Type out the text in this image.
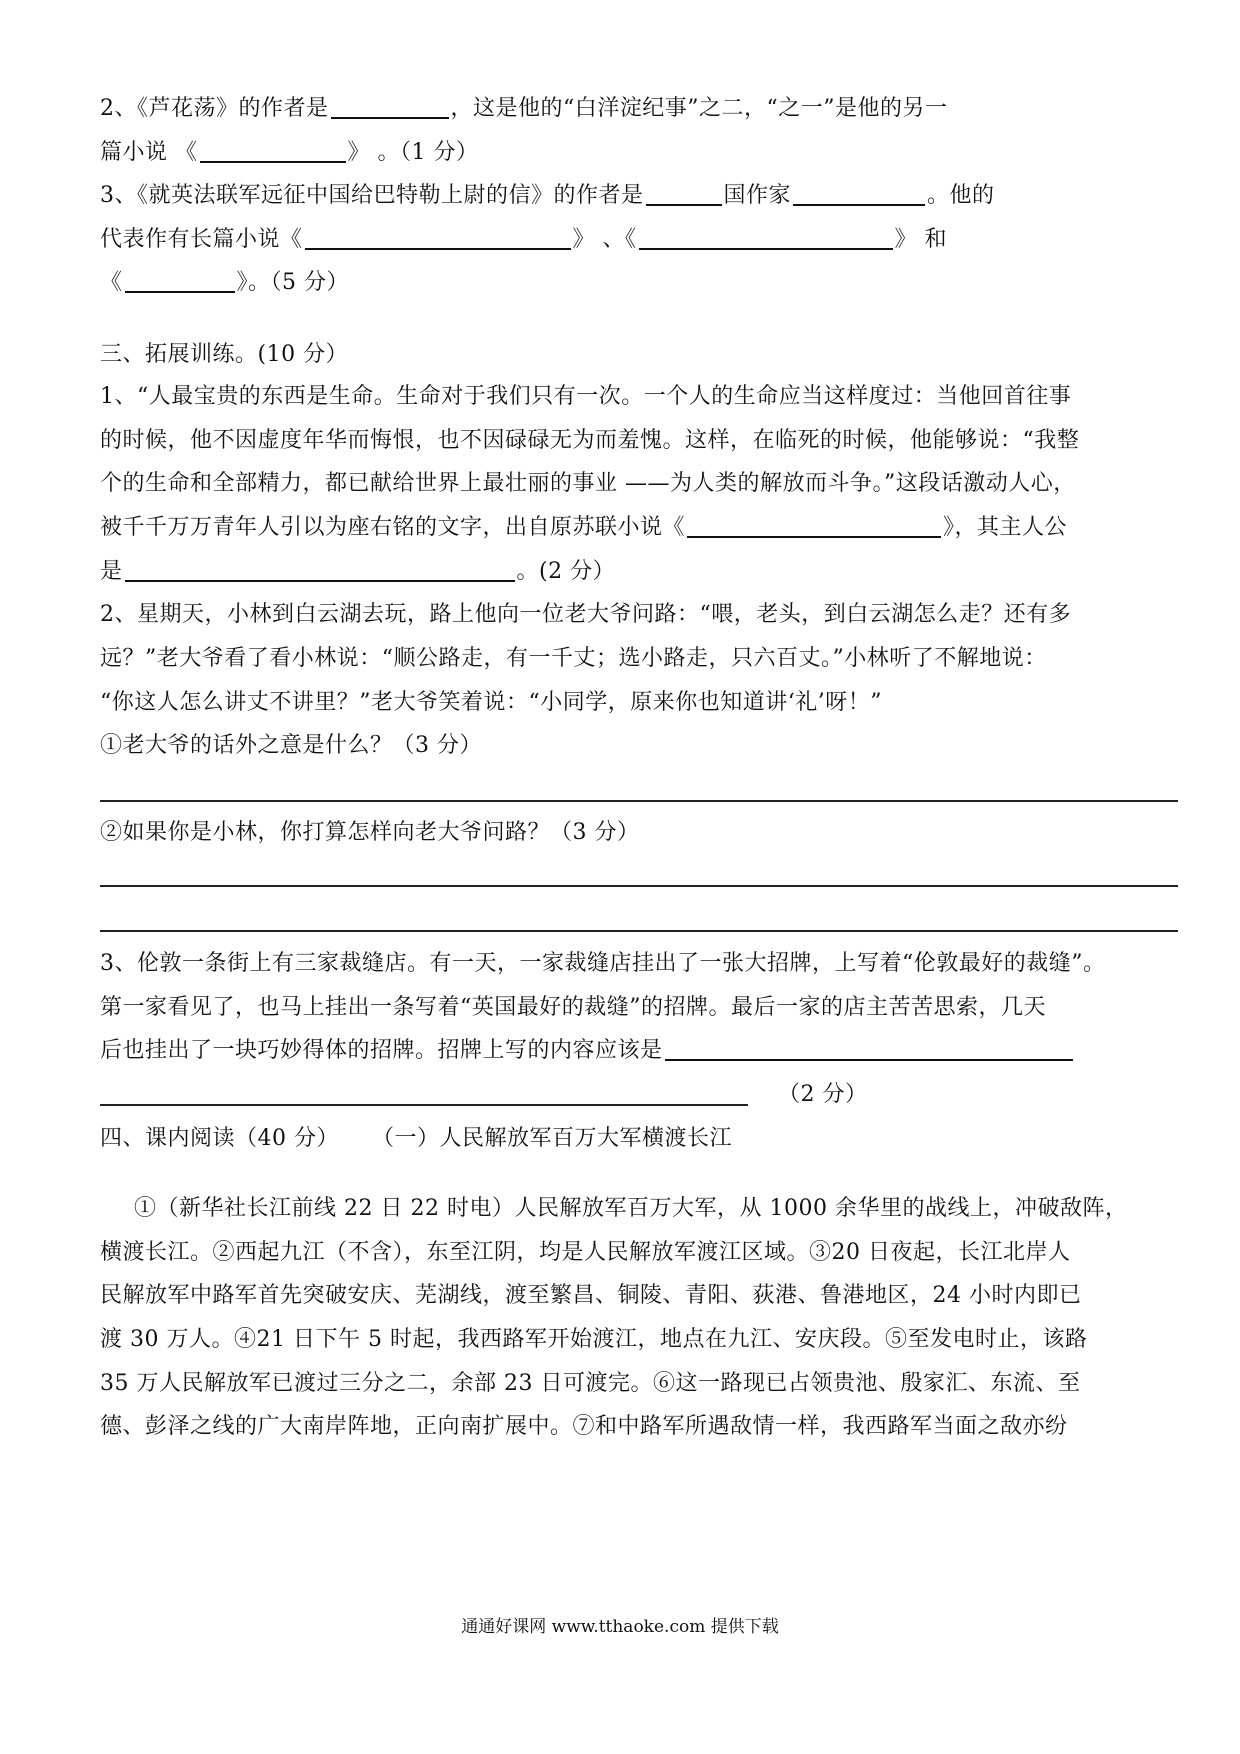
2、《芦花荡》的作者是	，这是他的“白洋淀纪事”之二，“之一”是他的另一
篇小说 《	》 。（1 分）
3、《就英法联军远征中国给巴特勒上尉的信》的作者是	国作家	。他的
代表作有长篇小说《	》 、《	》 和
《	》。（5 分）
三、拓展训练。(10 分）
1、“人最宝贵的东西是生命。生命对于我们只有一次。一个人的生命应当这样度过：当他回首往事
的时候，他不因虚度年华而悔恨，也不因碌碌无为而羞愧。这样，在临死的时候，他能够说：“我整
个的生命和全部精力，都已献给世界上最壮丽的事业 ——为人类的解放而斗争。”这段话激动人心，
被千千万万青年人引以为座右铭的文字，出自原苏联小说《	》，其主人公
是	。(2 分）
2、星期天，小林到白云湖去玩，路上他向一位老大爷问路：“喂，老头，到白云湖怎么走？还有多
远？”老大爷看了看小林说：“顺公路走，有一千丈；选小路走，只六百丈。”小林听了不解地说：
“你这人怎么讲丈不讲里？”老大爷笑着说：“小同学，原来你也知道讲‘礼’呀！”
①老大爷的话外之意是什么？（3 分）
②如果你是小林，你打算怎样向老大爷问路？（3 分）
3、伦敦一条街上有三家裁缝店。有一天，一家裁缝店挂出了一张大招牌，上写着“伦敦最好的裁缝”。
第一家看见了，也马上挂出一条写着“英国最好的裁缝”的招牌。最后一家的店主苦苦思索，几天
后也挂出了一块巧妙得体的招牌。招牌上写的内容应该是
（2 分）
四、课内阅读（40 分）	（一）人民解放军百万大军横渡长江
①（新华社长江前线 22 日 22 时电）人民解放军百万大军，从 1000 余华里的战线上，冲破敌阵，
横渡长江。②西起九江（不含），东至江阴，均是人民解放军渡江区域。③20 日夜起，长江北岸人
民解放军中路军首先突破安庆、芜湖线，渡至繁昌、铜陵、青阳、荻港、鲁港地区，24 小时内即已
渡 30 万人。④21 日下午 5 时起，我西路军开始渡江，地点在九江、安庆段。⑤至发电时止，该路
35 万人民解放军已渡过三分之二，余部 23 日可渡完。⑥这一路现已占领贵池、殷家汇、东流、至
德、彭泽之线的广大南岸阵地，正向南扩展中。⑦和中路军所遇敌情一样，我西路军当面之敌亦纷
通通好课网 www.tthaoke.com 提供下载
